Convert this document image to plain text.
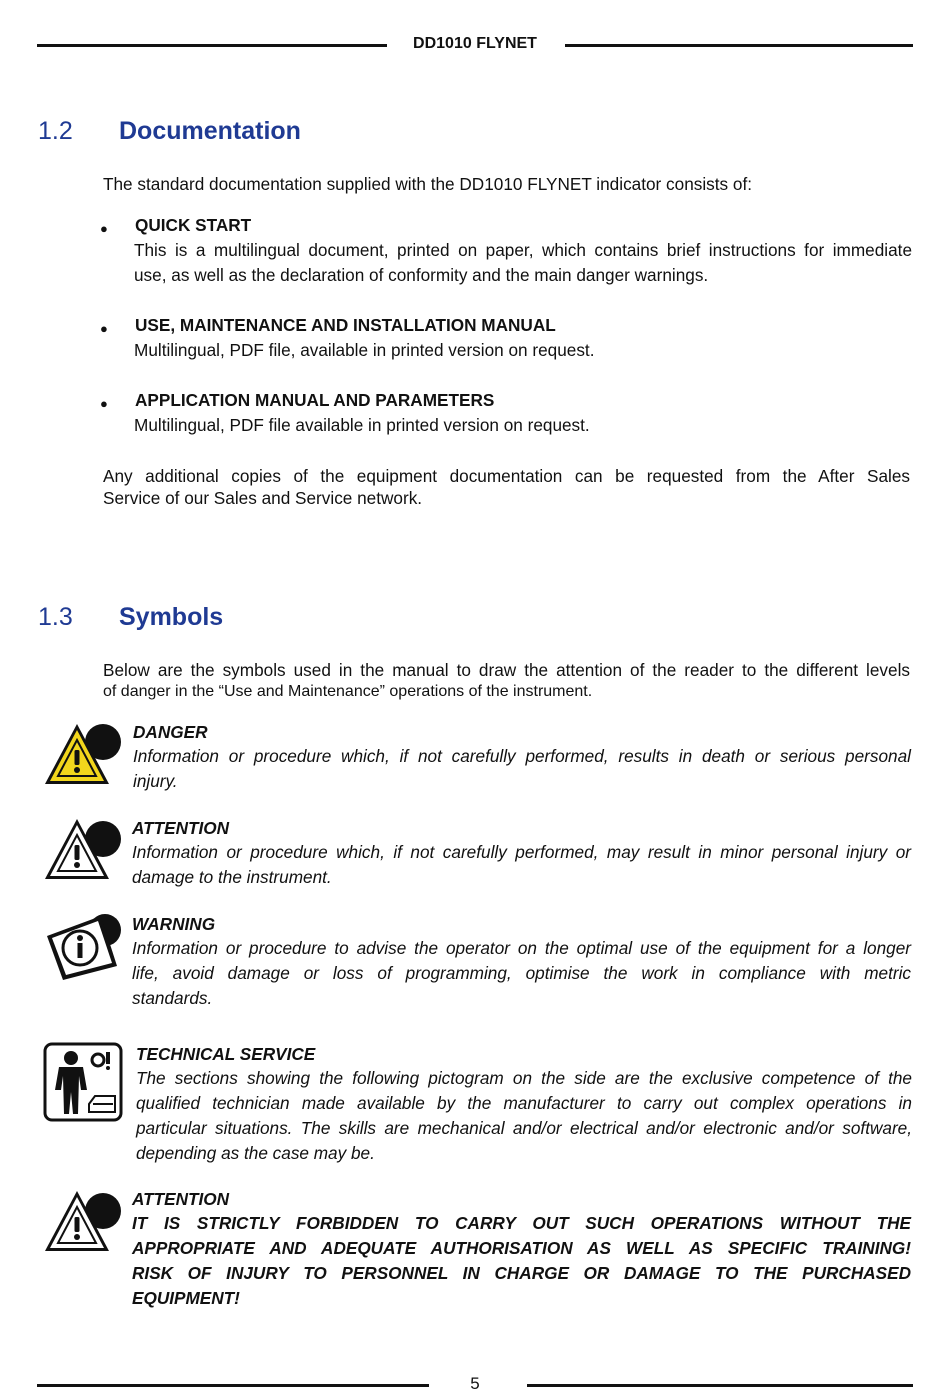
DD1010 FLYNET
1.2 Documentation
The standard documentation supplied with the DD1010 FLYNET indicator consists of:
● QUICK START
This is a multilingual document, printed on paper, which contains brief instructions for immediate
use, as well as the declaration of conformity and the main danger warnings.
● USE, MAINTENANCE AND INSTALLATION MANUAL
Multilingual, PDF file, available in printed version on request.
● APPLICATION MANUAL AND PARAMETERS
Multilingual, PDF file available in printed version on request.
Any additional copies of the equipment documentation can be requested from the After Sales
Service of our Sales and Service network.
1.3 Symbols
Below are the symbols used in the manual to draw the attention of the reader to the different levels
of danger in the “Use and Maintenance” operations of the instrument.
DANGER
Information or procedure which, if not carefully performed, results in death or serious personal
injury.
ATTENTION
Information or procedure which, if not carefully performed, may result in minor personal injury or
damage to the instrument.
WARNING
Information or procedure to advise the operator on the optimal use of the equipment for a longer
life, avoid damage or loss of programming, optimise the work in compliance with metric
standards.
TECHNICAL SERVICE
The sections showing the following pictogram on the side are the exclusive competence of the
qualified technician made available by the manufacturer to carry out complex operations in
particular situations. The skills are mechanical and/or electrical and/or electronic and/or software,
depending as the case may be.
ATTENTION
IT IS STRICTLY FORBIDDEN TO CARRY OUT SUCH OPERATIONS WITHOUT THE
APPROPRIATE AND ADEQUATE AUTHORISATION AS WELL AS SPECIFIC TRAINING!
RISK OF INJURY TO PERSONNEL IN CHARGE OR DAMAGE TO THE PURCHASED
EQUIPMENT!
5
